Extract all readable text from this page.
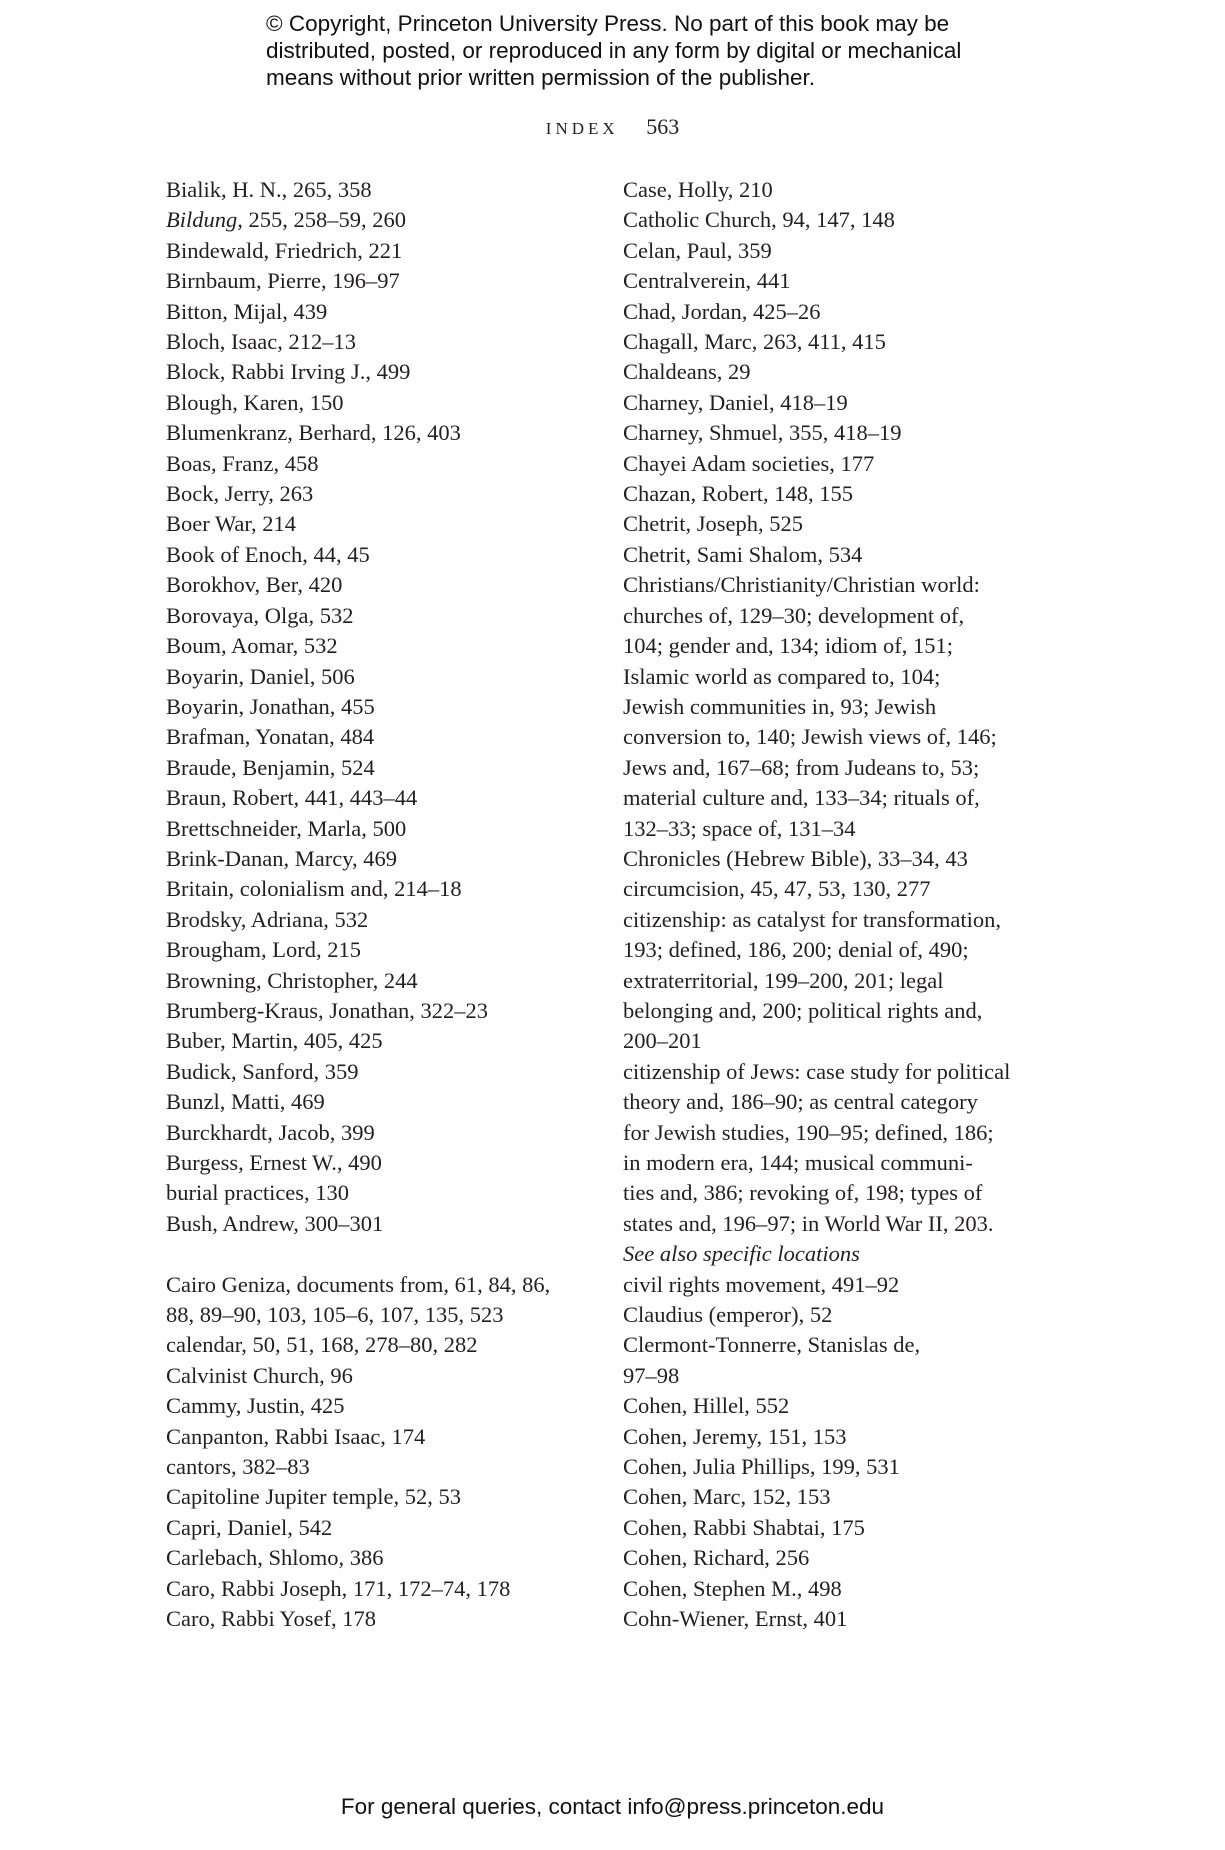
© Copyright, Princeton University Press. No part of this book may be
distributed, posted, or reproduced in any form by digital or mechanical
means without prior written permission of the publisher.
INDEX 563
Bialik, H. N., 265, 358
Bildung, 255, 258–59, 260
Bindewald, Friedrich, 221
Birnbaum, Pierre, 196–97
Bitton, Mijal, 439
Bloch, Isaac, 212–13
Block, Rabbi Irving J., 499
Blough, Karen, 150
Blumenkranz, Berhard, 126, 403
Boas, Franz, 458
Bock, Jerry, 263
Boer War, 214
Book of Enoch, 44, 45
Borokhov, Ber, 420
Borovaya, Olga, 532
Boum, Aomar, 532
Boyarin, Daniel, 506
Boyarin, Jonathan, 455
Brafman, Yonatan, 484
Braude, Benjamin, 524
Braun, Robert, 441, 443–44
Brettschneider, Marla, 500
Brink-Danan, Marcy, 469
Britain, colonialism and, 214–18
Brodsky, Adriana, 532
Brougham, Lord, 215
Browning, Christopher, 244
Brumberg-Kraus, Jonathan, 322–23
Buber, Martin, 405, 425
Budick, Sanford, 359
Bunzl, Matti, 469
Burckhardt, Jacob, 399
Burgess, Ernest W., 490
burial practices, 130
Bush, Andrew, 300–301
Cairo Geniza, documents from, 61, 84, 86,
88, 89–90, 103, 105–6, 107, 135, 523
calendar, 50, 51, 168, 278–80, 282
Calvinist Church, 96
Cammy, Justin, 425
Canpanton, Rabbi Isaac, 174
cantors, 382–83
Capitoline Jupiter temple, 52, 53
Capri, Daniel, 542
Carlebach, Shlomo, 386
Caro, Rabbi Joseph, 171, 172–74, 178
Caro, Rabbi Yosef, 178
Case, Holly, 210
Catholic Church, 94, 147, 148
Celan, Paul, 359
Centralverein, 441
Chad, Jordan, 425–26
Chagall, Marc, 263, 411, 415
Chaldeans, 29
Charney, Daniel, 418–19
Charney, Shmuel, 355, 418–19
Chayei Adam societies, 177
Chazan, Robert, 148, 155
Chetrit, Joseph, 525
Chetrit, Sami Shalom, 534
Christians/Christianity/Christian world:
churches of, 129–30; development of,
104; gender and, 134; idiom of, 151;
Islamic world as compared to, 104;
Jewish communities in, 93; Jewish
conversion to, 140; Jewish views of, 146;
Jews and, 167–68; from Judeans to, 53;
material culture and, 133–34; rituals of,
132–33; space of, 131–34
Chronicles (Hebrew Bible), 33–34, 43
circumcision, 45, 47, 53, 130, 277
citizenship: as catalyst for transformation,
193; defined, 186, 200; denial of, 490;
extraterritorial, 199–200, 201; legal
belonging and, 200; political rights and,
200–201
citizenship of Jews: case study for political
theory and, 186–90; as central category
for Jewish studies, 190–95; defined, 186;
in modern era, 144; musical communi-
ties and, 386; revoking of, 198; types of
states and, 196–97; in World War II, 203.
See also specific locations
civil rights movement, 491–92
Claudius (emperor), 52
Clermont-Tonnerre, Stanislas de,
97–98
Cohen, Hillel, 552
Cohen, Jeremy, 151, 153
Cohen, Julia Phillips, 199, 531
Cohen, Marc, 152, 153
Cohen, Rabbi Shabtai, 175
Cohen, Richard, 256
Cohen, Stephen M., 498
Cohn-Wiener, Ernst, 401
For general queries, contact info@press.princeton.edu
